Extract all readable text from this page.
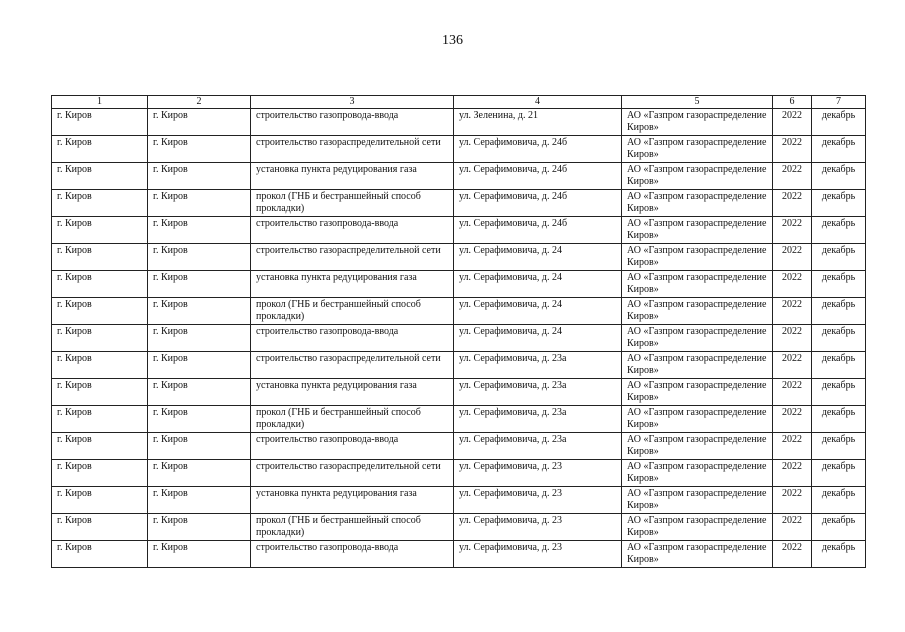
136
1	2	3	4	5	6	7
г. Киров	г. Киров	строительство газопровода-ввода	ул. Зеленина, д. 21	АО «Газпром газораспределение Киров»	2022	декабрь
г. Киров	г. Киров	строительство газораспределительной сети	ул. Серафимовича, д. 24б	АО «Газпром газораспределение Киров»	2022	декабрь
г. Киров	г. Киров	установка пункта редуцирования газа	ул. Серафимовича, д. 24б	АО «Газпром газораспределение Киров»	2022	декабрь
г. Киров	г. Киров	прокол (ГНБ и бестраншейный способ прокладки)	ул. Серафимовича, д. 24б	АО «Газпром газораспределение Киров»	2022	декабрь
г. Киров	г. Киров	строительство газопровода-ввода	ул. Серафимовича, д. 24б	АО «Газпром газораспределение Киров»	2022	декабрь
г. Киров	г. Киров	строительство газораспределительной сети	ул. Серафимовича, д. 24	АО «Газпром газораспределение Киров»	2022	декабрь
г. Киров	г. Киров	установка пункта редуцирования газа	ул. Серафимовича, д. 24	АО «Газпром газораспределение Киров»	2022	декабрь
г. Киров	г. Киров	прокол (ГНБ и бестраншейный способ прокладки)	ул. Серафимовича, д. 24	АО «Газпром газораспределение Киров»	2022	декабрь
г. Киров	г. Киров	строительство газопровода-ввода	ул. Серафимовича, д. 24	АО «Газпром газораспределение Киров»	2022	декабрь
г. Киров	г. Киров	строительство газораспределительной сети	ул. Серафимовича, д. 23а	АО «Газпром газораспределение Киров»	2022	декабрь
г. Киров	г. Киров	установка пункта редуцирования газа	ул. Серафимовича, д. 23а	АО «Газпром газораспределение Киров»	2022	декабрь
г. Киров	г. Киров	прокол (ГНБ и бестраншейный способ прокладки)	ул. Серафимовича, д. 23а	АО «Газпром газораспределение Киров»	2022	декабрь
г. Киров	г. Киров	строительство газопровода-ввода	ул. Серафимовича, д. 23а	АО «Газпром газораспределение Киров»	2022	декабрь
г. Киров	г. Киров	строительство газораспределительной сети	ул. Серафимовича, д. 23	АО «Газпром газораспределение Киров»	2022	декабрь
г. Киров	г. Киров	установка пункта редуцирования газа	ул. Серафимовича, д. 23	АО «Газпром газораспределение Киров»	2022	декабрь
г. Киров	г. Киров	прокол (ГНБ и бестраншейный способ прокладки)	ул. Серафимовича, д. 23	АО «Газпром газораспределение Киров»	2022	декабрь
г. Киров	г. Киров	строительство газопровода-ввода	ул. Серафимовича, д. 23	АО «Газпром газораспределение Киров»	2022	декабрь
